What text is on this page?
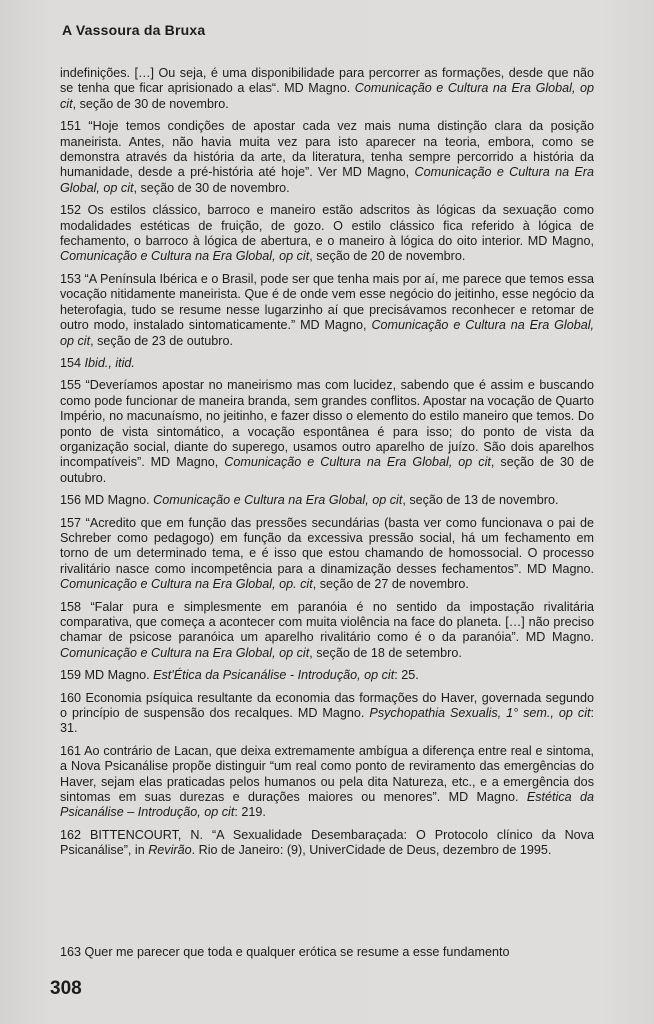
A Vassoura da Bruxa

indefinições. […] Ou seja, é uma disponibilidade para percorrer as formações, desde que não se tenha que ficar aprisionado a elas“. MD Magno. Comunicação e Cultura na Era Global, op cit, seção de 30 de novembro.

151 “Hoje temos condições de apostar cada vez mais numa distinção clara da posição maneirista. Antes, não havia muita vez para isto aparecer na teoria, embora, como se demonstra através da história da arte, da literatura, tenha sempre percorrido a história da humanidade, desde a pré-história até hoje”. Ver MD Magno, Comunicação e Cultura na Era Global, op cit, seção de 30 de novembro.

152 Os estilos clássico, barroco e maneiro estão adscritos às lógicas da sexuação como modalidades estéticas de fruição, de gozo. O estilo clássico fica referido à lógica de fechamento, o barroco à lógica de abertura, e o maneiro à lógica do oito interior. MD Magno, Comunicação e Cultura na Era Global, op cit, seção de 20 de novembro.

153 “A Península Ibérica e o Brasil, pode ser que tenha mais por aí, me parece que temos essa vocação nitidamente maneirista. Que é de onde vem esse negócio do jeitinho, esse negócio da heterofagia, tudo se resume nesse lugarzinho aí que precisávamos reconhecer e retomar de outro modo, instalado sintomaticamente.” MD Magno, Comunicação e Cultura na Era Global, op cit, seção de 23 de outubro.

154 Ibid., itid.

155 “Deveríamos apostar no maneirismo mas com lucidez, sabendo que é assim e buscando como pode funcionar de maneira branda, sem grandes conflitos. Apostar na vocação de Quarto Império, no macunaísmo, no jeitinho, e fazer disso o elemento do estilo maneiro que temos. Do ponto de vista sintomático, a vocação espontânea é para isso; do ponto de vista da organização social, diante do superego, usamos outro aparelho de juízo. São dois aparelhos incompatíveis”. MD Magno, Comunicação e Cultura na Era Global, op cit, seção de 30 de outubro.

156 MD Magno. Comunicação e Cultura na Era Global, op cit, seção de 13 de novembro.

157 “Acredito que em função das pressões secundárias (basta ver como funcionava o pai de Schreber como pedagogo) em função da excessiva pressão social, há um fechamento em torno de um determinado tema, e é isso que estou chamando de homossocial. O processo rivalitário nasce como incompetência para a dinamização desses fechamentos”. MD Magno. Comunicação e Cultura na Era Global, op. cit, seção de 27 de novembro.

158 “Falar pura e simplesmente em paranóia é no sentido da impostação rivalitária comparativa, que começa a acontecer com muita violência na face do planeta. […] não preciso chamar de psicose paranóica um aparelho rivalitário como é o da paranóia”. MD Magno. Comunicação e Cultura na Era Global, op cit, seção de 18 de setembro.

159 MD Magno. Est'Ética da Psicanálise - Introdução, op cit: 25.

160 Economia psíquica resultante da economia das formações do Haver, governada segundo o princípio de suspensão dos recalques. MD Magno. Psychopathia Sexualis, 1° sem., op cit: 31.

161 Ao contrário de Lacan, que deixa extremamente ambígua a diferença entre real e sintoma, a Nova Psicanálise propõe distinguir “um real como ponto de reviramento das emergências do Haver, sejam elas praticadas pelos humanos ou pela dita Natureza, etc., e a emergência dos sintomas em suas durezas e durações maiores ou menores”. MD Magno. Estética da Psicanálise – Introdução, op cit: 219.

162 BITTENCOURT, N. “A Sexualidade Desembaraçada: O Protocolo clínico da Nova Psicanálise”, in Revirão. Rio de Janeiro: (9), UniverCidade de Deus, dezembro de 1995.

163 Quer me parecer que toda e qualquer erótica se resume a esse fundamento
308
